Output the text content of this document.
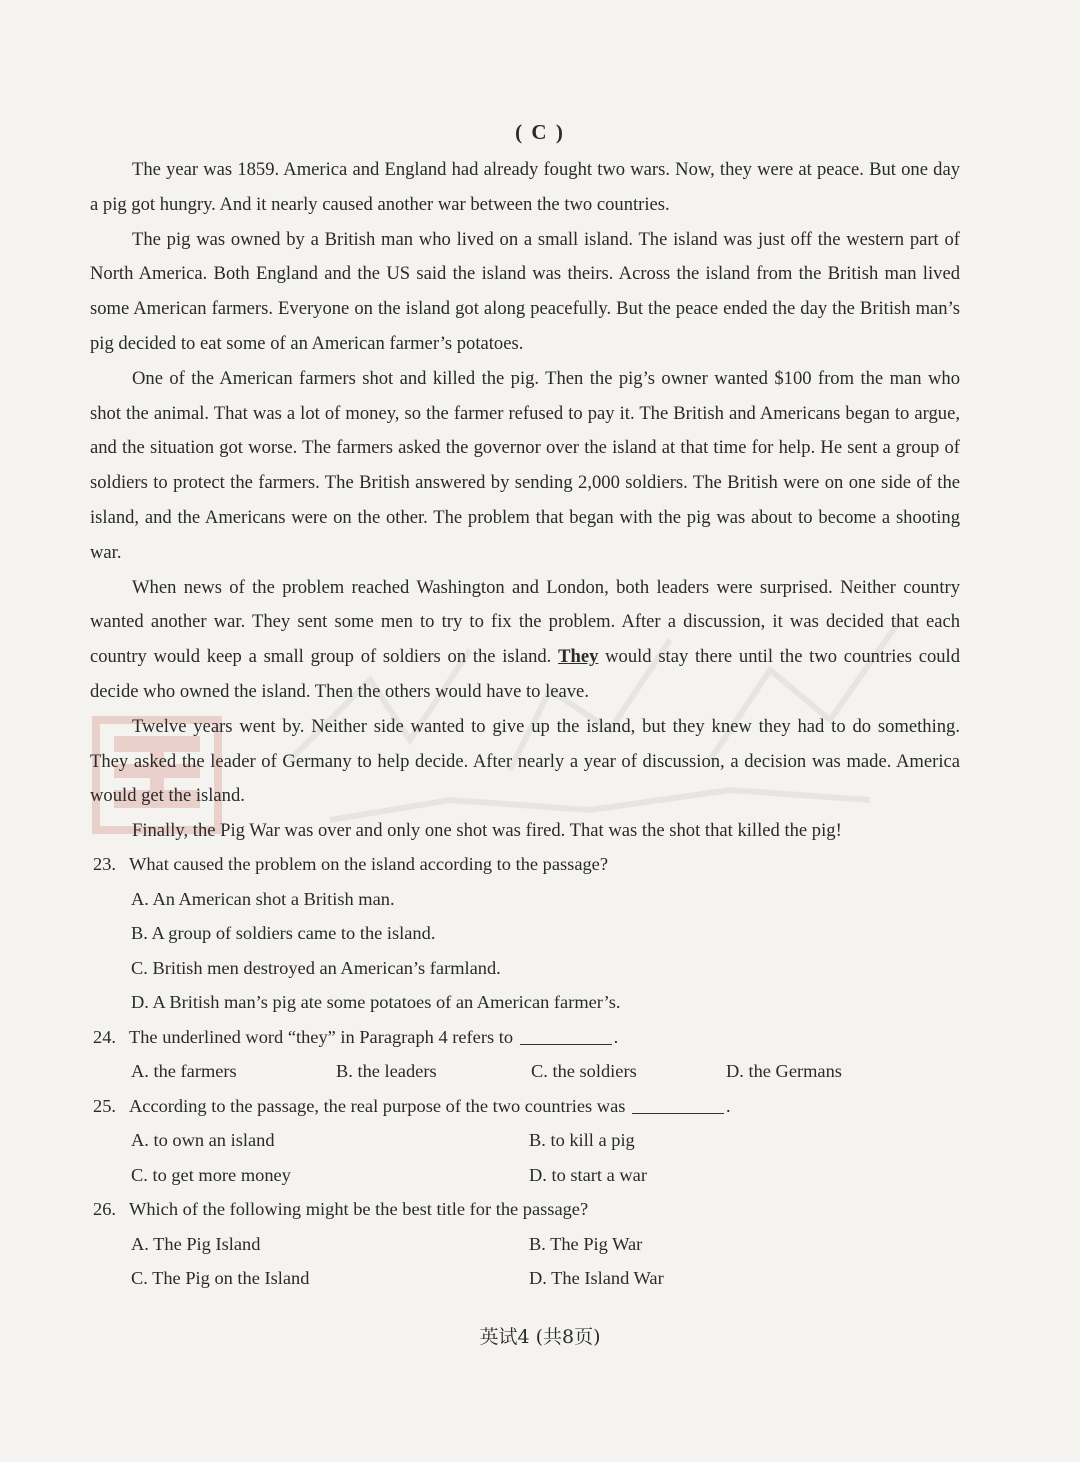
( C )

The year was 1859. America and England had already fought two wars. Now, they were at peace. But one day a pig got hungry. And it nearly caused another war between the two countries.

The pig was owned by a British man who lived on a small island. The island was just off the western part of North America. Both England and the US said the island was theirs. Across the island from the British man lived some American farmers. Everyone on the island got along peacefully. But the peace ended the day the British man’s pig decided to eat some of an American farmer’s potatoes.

One of the American farmers shot and killed the pig. Then the pig’s owner wanted $100 from the man who shot the animal. That was a lot of money, so the farmer refused to pay it. The British and Americans began to argue, and the situation got worse. The farmers asked the governor over the island at that time for help. He sent a group of soldiers to protect the farmers. The British answered by sending 2,000 soldiers. The British were on one side of the island, and the Americans were on the other. The problem that began with the pig was about to become a shooting war.

When news of the problem reached Washington and London, both leaders were surprised. Neither country wanted another war. They sent some men to try to fix the problem. After a discussion, it was decided that each country would keep a small group of soldiers on the island. They would stay there until the two countries could decide who owned the island. Then the others would have to leave.

Twelve years went by. Neither side wanted to give up the island, but they knew they had to do something. They asked the leader of Germany to help decide. After nearly a year of discussion, a decision was made. America would get the island.

Finally, the Pig War was over and only one shot was fired. That was the shot that killed the pig!

23. What caused the problem on the island according to the passage?

A. An American shot a British man.
B. A group of soldiers came to the island.
C. British men destroyed an American’s farmland.
D. A British man’s pig ate some potatoes of an American farmer’s.

24. The underlined word “they” in Paragraph 4 refers to	.

A. the farmers	B. the leaders	C. the soldiers	D. the Germans

25. According to the passage, the real purpose of the two countries was	.

A. to own an island	B. to kill a pig
C. to get more money	D. to start a war

26. Which of the following might be the best title for the passage?

A. The Pig Island	B. The Pig War
C. The Pig on the Island	D. The Island War
英试4 (共8页)
